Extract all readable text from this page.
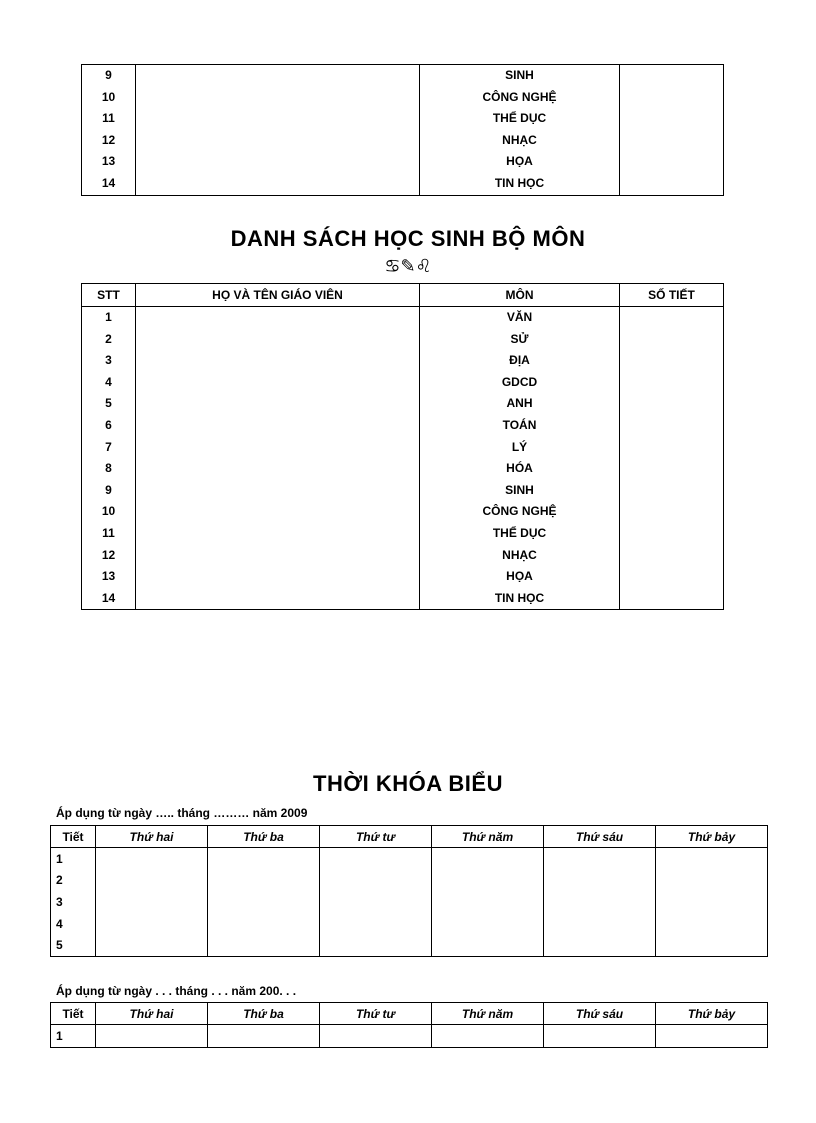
9		SINH	
10		CÔNG NGHỆ	
11		THỂ DỤC	
12		NHẠC	
13		HỌA	
14		TIN HỌC	
DANH SÁCH HỌC SINH BỘ MÔN
♋✎♌
STT	HỌ VÀ TÊN GIÁO VIÊN	MÔN	SỐ TIẾT
1		VĂN	
2		SỬ	
3		ĐỊA	
4		GDCD	
5		ANH	
6		TOÁN	
7		LÝ	
8		HÓA	
9		SINH	
10		CÔNG NGHỆ	
11		THỂ DỤC	
12		NHẠC	
13		HỌA	
14		TIN HỌC	
THỜI KHÓA BIỂU
Áp dụng từ ngày ….. tháng ……… năm 2009
Tiết	Thứ hai	Thứ ba	Thứ tư	Thứ năm	Thứ sáu	Thứ bảy
1						
2						
3						
4						
5						
Áp dụng từ ngày . . . tháng . . . năm 200. . .
Tiết	Thứ hai	Thứ ba	Thứ tư	Thứ năm	Thứ sáu	Thứ bảy
1						
